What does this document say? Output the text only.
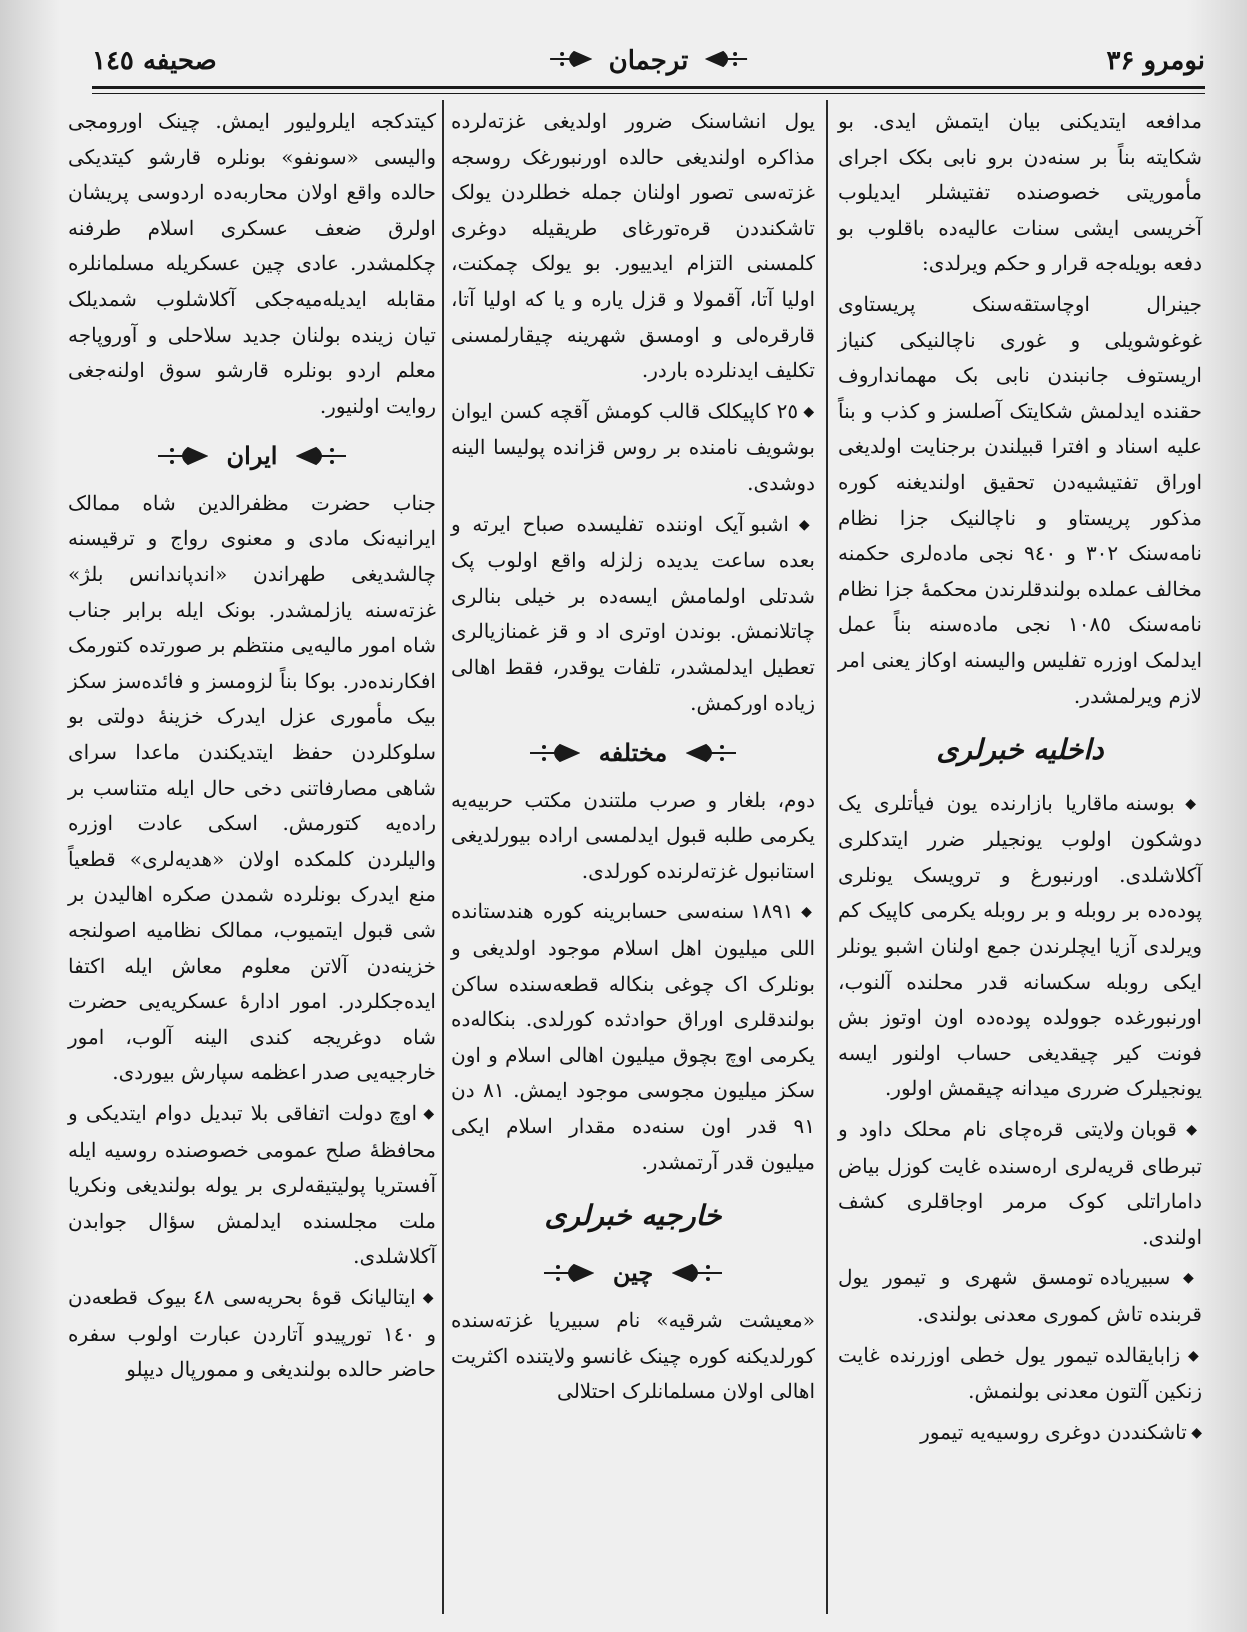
نومرو ۳۶
ترجمان
صحیفه ۱٤٥

مدافعه ایتدیکنی بیان ایتمش ایدی. بو شکا‌یته بناً بر سنه‌دن برو نابی بکک اجرای مأموریتی خصوصنده تفتیشلر ایدیلوب آخریسی ایشی سنات عالیه‌ده باقلوب بو دفعه بویله‌جه قرار و حکم ویرلدی:

جینرال اوچاستقه‌سنک پریستاوی غوغوشویلی و غوری ناچالنیکی کنیاز اریستوف جانبندن نابی بک مهماندارو‌ف حقنده ایدلمش شکایتک آصلسز و کذب و بناً علیه اسناد و افترا قبیلندن برجنایت اولدیغی اوراق تفتیشیه‌دن تحقیق اولندیغنه کوره مذکور پریستاو و ناچالنیک جزا نظام نامه‌سنک ۳۰۲ و ۹٤۰ نجی ماده‌لری حکمنه مخالف عملده بولندقلرندن محکمهٔ جزا نظام نامه‌سنک ۱۰۸٥ نجی ماده‌سنه بناً عمل ایدلمک اوزره تفلیس والیسنه اوکاز یعنی امر لازم ویرلمشدر.

داخلیه خبرلری

◆ بوسنه ماقاریا بازارنده یون فیأتلری یک دوشکون اولوب یونجیلر ضرر ایتدکلری آکلاشلدی. اورنبورغ و ترویسک یونلری پوده‌ده بر روبله و بر روبله یکرمی کاپیک کم ویرلدی آزیا ایچلرندن جمع اولنان اشبو یونلر ایکی روبله سکسانه قدر محلنده آلنوب، اورنبورغده جوولده پوده‌ده اون اوتوز بش فونت کیر چیقدیغی حساب اولنور ایسه یونجیلرک ضرری میدانه چیقمش اولور.

◆ قوبان ولایتی قره‌چای نام محلک داود و تبرطای قریه‌لری اره‌سنده غایت کوزل بیاض داماراتلی کوک مرمر اوجاقلری کشف اولندی.

◆ سبیریاده تومسق شهری و تیمور یول قربنده تاش کموری معدنی بولندی.

◆ زابایقالده تیمور یول خطی اوزرنده غایت زنکین آلتون معدنی بولنمش.

◆ تاشکنددن دوغری روسیه‌یه تیمور

یول انشاسنک ضرور اولدیغی غزته‌لرده مذاکره اولندیغی حالده اورنبورغک روسجه غزته‌سی تصور اولنان جمله خطلردن یولک تاشکنددن قره‌تورغای طریقیله دوغری کلمسنی التزام ایدییور. بو یولک چمکنت، اولیا آتا، آقمولا و قزل یاره و یا که اولیا آتا، قارقره‌لی و اومسق شهرینه چیقارلمسنی تکلیف ایدنلرده باردر.

◆ ۲٥ کاپیکلک قالب کومش آقچه کسن ایوان بوشویف نامنده بر روس قزانده پولیسا الینه دوشدی.

◆ اشبو آیک اوننده تفلیسده صباح ایرته و بعده ساعت یدیده زلزله واقع اولوب پک شدتلی اولمامش ایسه‌ده بر خیلی بنالری چاتلانمش. بوندن اوتری اد و قز غمنازیالری تعطیل ایدلمشدر، تلفات یوقدر، فقط اهالی زیاده اورکمش.

مختلفه

دوم، بلغار و صرب ملتندن مکتب حربیه‌یه یکرمی طلبه قبول ایدلمسی اراده بیورلدیغی استانبول غزته‌لرنده کورلدی.

◆ ۱۸۹۱ سنه‌سی حسابرینه کوره هندستانده اللی میلیون اهل اسلام موجود اولدیغی و بونلرک اک چوغی بنکاله قطعه‌سنده ساکن بولندقلری اوراق حوادثده کورلدی. بنکاله‌ده یکرمی اوچ بچوق میلیون اهالی اسلام و اون سکز میلیون مجوسی موجود ایمش. ۸۱ دن ۹۱ قدر اون سنه‌ده مقدار اسلام ایکی میلیون قدر آرتمشدر.

خارجیه خبرلری
چین

«معیشت شرقیه» نام سبیریا غزته‌سنده کورلدیکنه کوره چینک غانسو ولایتنده اکثریت اهالی اولان مسلمانلرک احتلالی

کیتدکجه ایلرولیور ایمش. چینک اورومجی والیسی «سونفو» بونلره قارشو کیتدیکی حالده واقع اولان محاربه‌ده اردوسی پریشان اولرق ضعف عسکری اسلام طرفنه چکلمشدر. عادی چین عسکریله مسلمانلره مقابله ایدیله‌میه‌جکی آکلاشلوب شمدیلک تیان زینده بولنان جدید سلاحلی و آوروپاجه معلم اردو بونلره قارشو سوق اولنه‌جغی روایت اولنیور.

ایران

جناب حضرت مظفرالدین شاه ممالک ایرانیه‌نک مادی و معنوی رواج و ترقیسنه چالشدیغی طهراندن «اندپاندانس بلژ» غزته‌سنه یازلمشدر. بونک ایله برابر جناب شاه امور مالیه‌یی منتظم بر صورتده کتورمک افکارنده‌در. بوکا بناً لزومسز و فائده‌سز سکز بیک مأموری عزل ایدرک خزینهٔ دولتی بو سلوکلردن حفظ ایتدیکندن ماعدا سرای شاهی مصارفاتنی دخی حال ایله متناسب بر راده‌یه کتورمش. اسکی عادت اوزره والیلردن کلمکده اولان «هدیه‌لری» قطعیاً منع ایدرک بونلرده شمدن صکره اهالیدن بر شی قبول ایتمیوب، ممالک نظامیه اصولنجه خزینه‌دن آلاتن معلوم معاش ایله اکتفا ایده‌جکلردر. امور ادارهٔ عسکریه‌یی حضرت شاه دوغریجه کندی الینه آلوب، امور خارجیه‌یی صدر اعظمه سپارش بیوردی.

◆ اوچ دولت اتفاقی بلا تبدیل دوام ایتدیکی و محافظهٔ صلح عمومی خصوصنده روسیه ایله آفستریا پولیتیقه‌لری بر یوله بولندیغی ونکریا ملت مجلسنده ایدلمش سؤال جوابدن آکلاشلدی.

◆ ایتالیانک قوهٔ بحریه‌سی ٤۸ بیوک قطعه‌دن و ۱٤۰ تورپیدو آتاردن عبارت اولوب سفره حاضر حالده بولندیغی و ممورپال دیپلو
